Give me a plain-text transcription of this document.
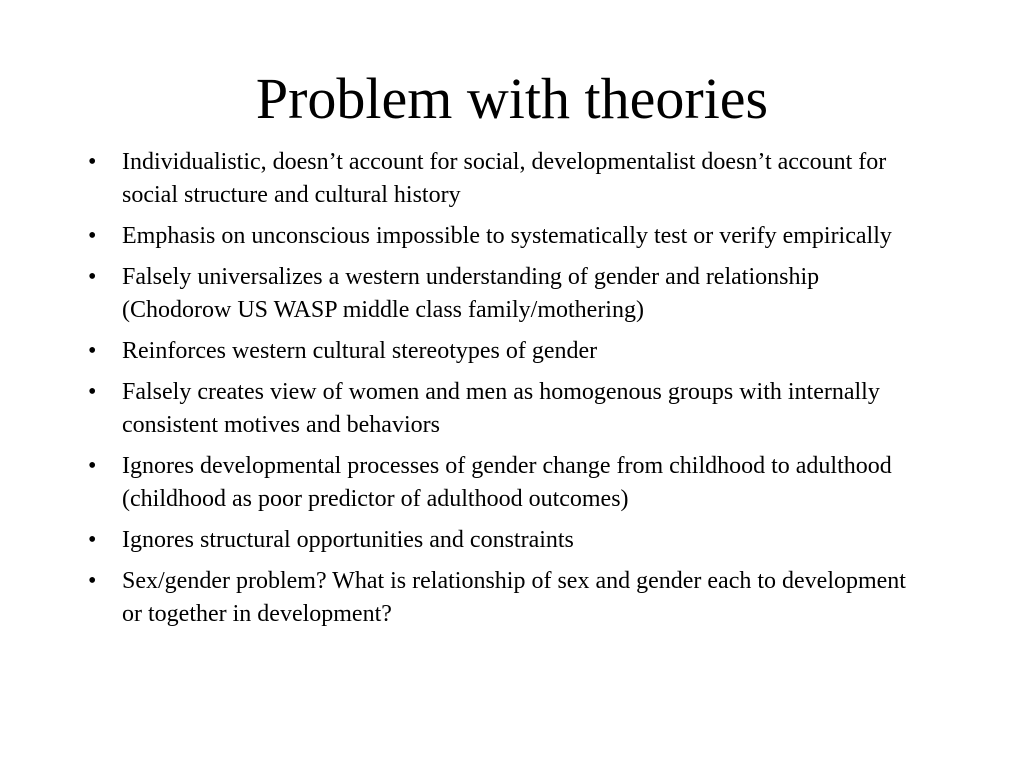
Problem with theories
•	Individualistic, doesn’t account for social, developmentalist doesn’t account for social structure and cultural history
•	Emphasis on unconscious impossible to systematically test or verify empirically
•	Falsely universalizes a western understanding of gender and relationship (Chodorow US WASP middle class family/mothering)
•	Reinforces western cultural stereotypes of gender
•	Falsely creates view of women and men as homogenous groups with internally consistent motives and behaviors
•	Ignores developmental processes of gender change from childhood to adulthood (childhood as poor predictor of adulthood outcomes)
•	Ignores structural opportunities and constraints
•	Sex/gender problem? What is relationship of sex and gender each to development or together in development?
